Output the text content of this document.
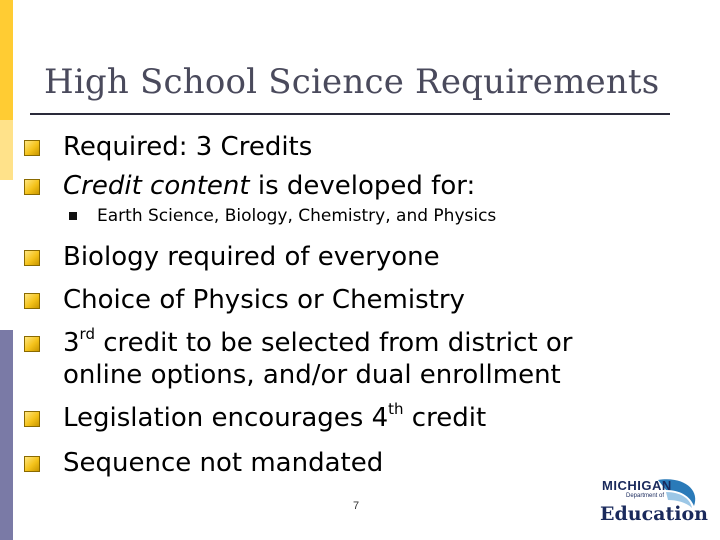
High School Science Requirements
Required: 3 Credits
Credit content is developed for:
Earth Science, Biology, Chemistry, and Physics
Biology required of everyone
Choice of Physics or Chemistry
3rd credit to be selected from district or
online options, and/or dual enrollment
Legislation encourages 4th credit
Sequence not mandated
7
MICHIGAN
Department of
Education
